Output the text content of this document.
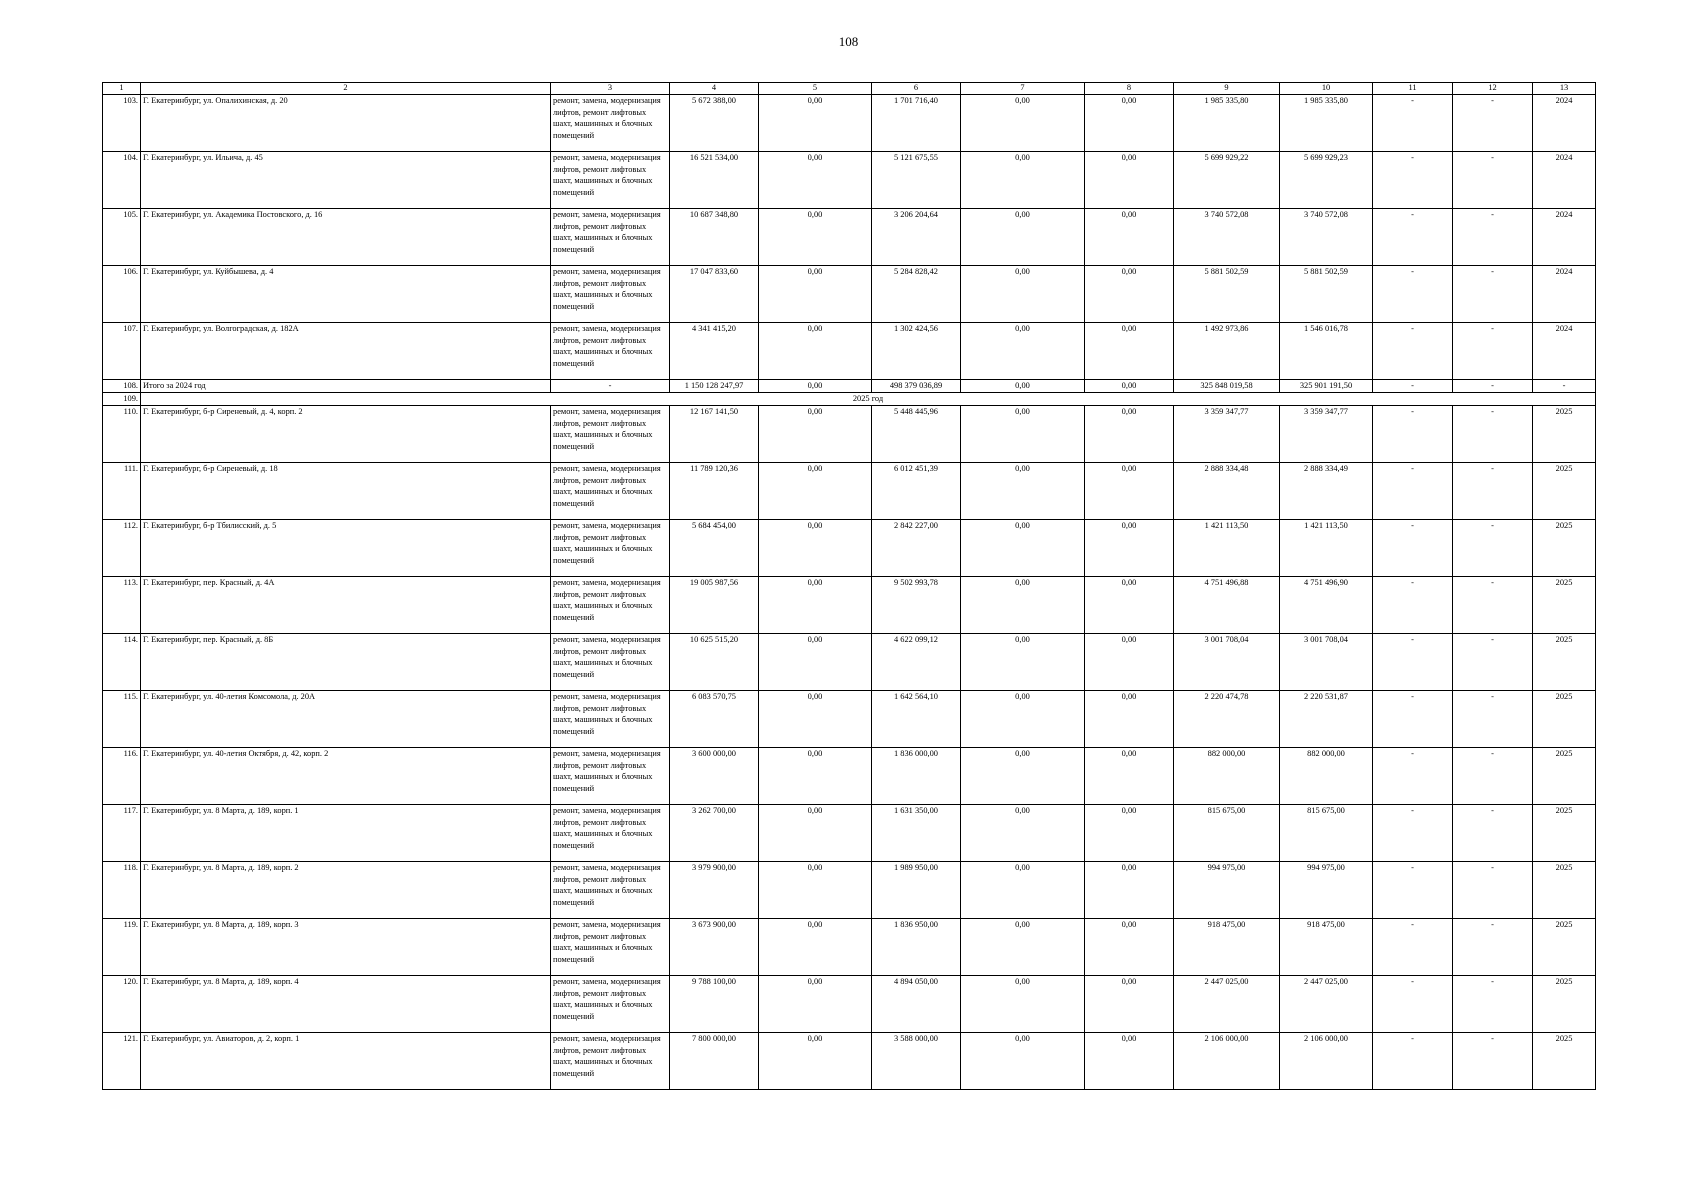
108
1	2	3	4	5	6	7	8	9	10	11	12	13
103.	Г. Екатеринбург, ул. Опалихинская, д. 20	ремонт, замена, модернизация лифтов, ремонт лифтовых шахт, машинных и блочных помещений	5 672 388,00	0,00	1 701 716,40	0,00	0,00	1 985 335,80	1 985 335,80	-	-	2024
104.	Г. Екатеринбург, ул. Ильича, д. 45	ремонт, замена, модернизация лифтов, ремонт лифтовых шахт, машинных и блочных помещений	16 521 534,00	0,00	5 121 675,55	0,00	0,00	5 699 929,22	5 699 929,23	-	-	2024
105.	Г. Екатеринбург, ул. Академика Постовского, д. 16	ремонт, замена, модернизация лифтов, ремонт лифтовых шахт, машинных и блочных помещений	10 687 348,80	0,00	3 206 204,64	0,00	0,00	3 740 572,08	3 740 572,08	-	-	2024
106.	Г. Екатеринбург, ул. Куйбышева, д. 4	ремонт, замена, модернизация лифтов, ремонт лифтовых шахт, машинных и блочных помещений	17 047 833,60	0,00	5 284 828,42	0,00	0,00	5 881 502,59	5 881 502,59	-	-	2024
107.	Г. Екатеринбург, ул. Волгоградская, д. 182А	ремонт, замена, модернизация лифтов, ремонт лифтовых шахт, машинных и блочных помещений	4 341 415,20	0,00	1 302 424,56	0,00	0,00	1 492 973,86	1 546 016,78	-	-	2024
108.	Итого за 2024 год	-	1 150 128 247,97	0,00	498 379 036,89	0,00	0,00	325 848 019,58	325 901 191,50	-	-	-
109.	2025 год											
110.	Г. Екатеринбург, б-р Сиреневый, д. 4, корп. 2	ремонт, замена, модернизация лифтов, ремонт лифтовых шахт, машинных и блочных помещений	12 167 141,50	0,00	5 448 445,96	0,00	0,00	3 359 347,77	3 359 347,77	-	-	2025
111.	Г. Екатеринбург, б-р Сиреневый, д. 18	ремонт, замена, модернизация лифтов, ремонт лифтовых шахт, машинных и блочных помещений	11 789 120,36	0,00	6 012 451,39	0,00	0,00	2 888 334,48	2 888 334,49	-	-	2025
112.	Г. Екатеринбург, б-р Тбилисский, д. 5	ремонт, замена, модернизация лифтов, ремонт лифтовых шахт, машинных и блочных помещений	5 684 454,00	0,00	2 842 227,00	0,00	0,00	1 421 113,50	1 421 113,50	-	-	2025
113.	Г. Екатеринбург, пер. Красный, д. 4А	ремонт, замена, модернизация лифтов, ремонт лифтовых шахт, машинных и блочных помещений	19 005 987,56	0,00	9 502 993,78	0,00	0,00	4 751 496,88	4 751 496,90	-	-	2025
114.	Г. Екатеринбург, пер. Красный, д. 8Б	ремонт, замена, модернизация лифтов, ремонт лифтовых шахт, машинных и блочных помещений	10 625 515,20	0,00	4 622 099,12	0,00	0,00	3 001 708,04	3 001 708,04	-	-	2025
115.	Г. Екатеринбург, ул. 40-летия Комсомола, д. 20А	ремонт, замена, модернизация лифтов, ремонт лифтовых шахт, машинных и блочных помещений	6 083 570,75	0,00	1 642 564,10	0,00	0,00	2 220 474,78	2 220 531,87	-	-	2025
116.	Г. Екатеринбург, ул. 40-летия Октября, д. 42, корп. 2	ремонт, замена, модернизация лифтов, ремонт лифтовых шахт, машинных и блочных помещений	3 600 000,00	0,00	1 836 000,00	0,00	0,00	882 000,00	882 000,00	-	-	2025
117.	Г. Екатеринбург, ул. 8 Марта, д. 189, корп. 1	ремонт, замена, модернизация лифтов, ремонт лифтовых шахт, машинных и блочных помещений	3 262 700,00	0,00	1 631 350,00	0,00	0,00	815 675,00	815 675,00	-	-	2025
118.	Г. Екатеринбург, ул. 8 Марта, д. 189, корп. 2	ремонт, замена, модернизация лифтов, ремонт лифтовых шахт, машинных и блочных помещений	3 979 900,00	0,00	1 989 950,00	0,00	0,00	994 975,00	994 975,00	-	-	2025
119.	Г. Екатеринбург, ул. 8 Марта, д. 189, корп. 3	ремонт, замена, модернизация лифтов, ремонт лифтовых шахт, машинных и блочных помещений	3 673 900,00	0,00	1 836 950,00	0,00	0,00	918 475,00	918 475,00	-	-	2025
120.	Г. Екатеринбург, ул. 8 Марта, д. 189, корп. 4	ремонт, замена, модернизация лифтов, ремонт лифтовых шахт, машинных и блочных помещений	9 788 100,00	0,00	4 894 050,00	0,00	0,00	2 447 025,00	2 447 025,00	-	-	2025
121.	Г. Екатеринбург, ул. Авиаторов, д. 2, корп. 1	ремонт, замена, модернизация лифтов, ремонт лифтовых шахт, машинных и блочных помещений	7 800 000,00	0,00	3 588 000,00	0,00	0,00	2 106 000,00	2 106 000,00	-	-	2025
